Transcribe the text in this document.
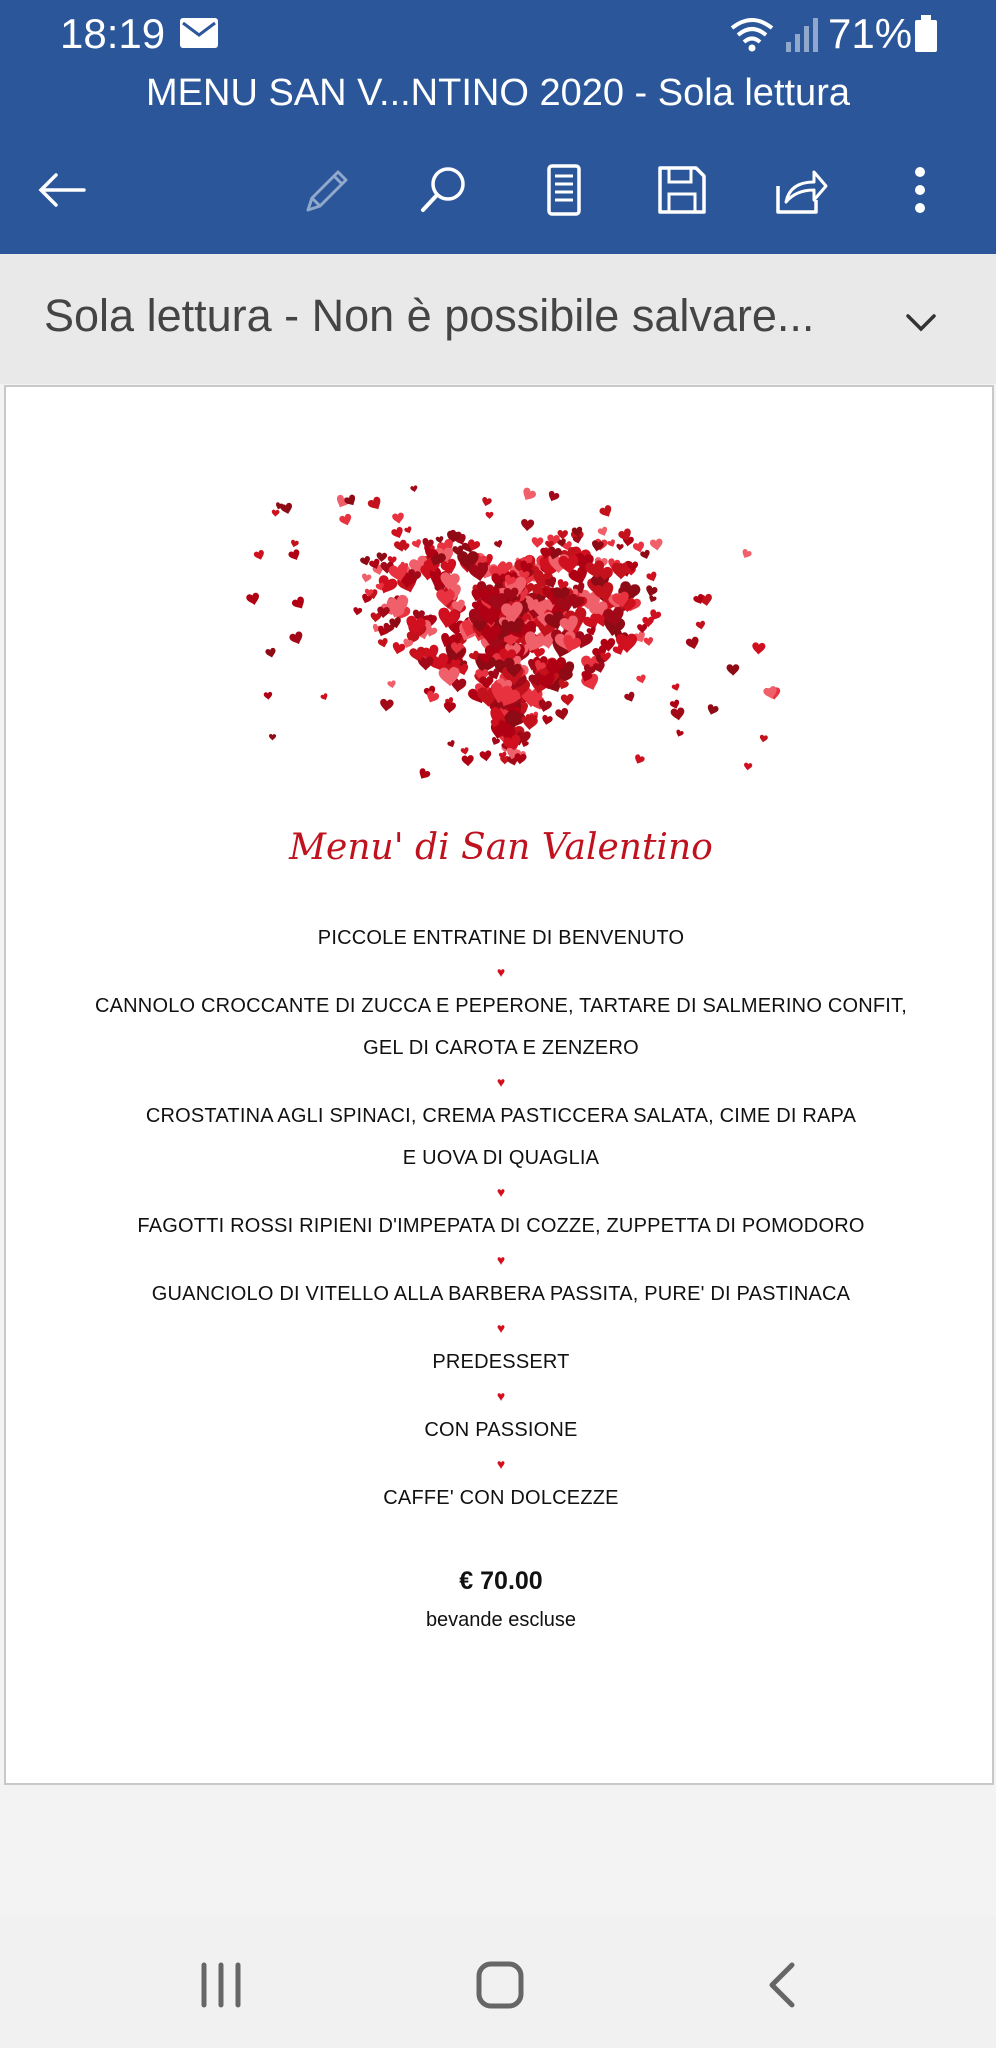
18:19	71%
MENU SAN V...NTINO 2020 - Sola lettura
Sola lettura - Non è possibile salvare...
Menu' di San Valentino
PICCOLE ENTRATINE DI BENVENUTO
♥
CANNOLO CROCCANTE DI ZUCCA E PEPERONE, TARTARE DI SALMERINO CONFIT,
GEL DI CAROTA E ZENZERO
♥
CROSTATINA AGLI SPINACI, CREMA PASTICCERA SALATA, CIME DI RAPA
E UOVA DI QUAGLIA
♥
FAGOTTI ROSSI RIPIENI D'IMPEPATA DI COZZE, ZUPPETTA DI POMODORO
♥
GUANCIOLO DI VITELLO ALLA BARBERA PASSITA, PURE' DI PASTINACA
♥
PREDESSERT
♥
CON PASSIONE
♥
CAFFE' CON DOLCEZZE
€ 70.00
bevande escluse
